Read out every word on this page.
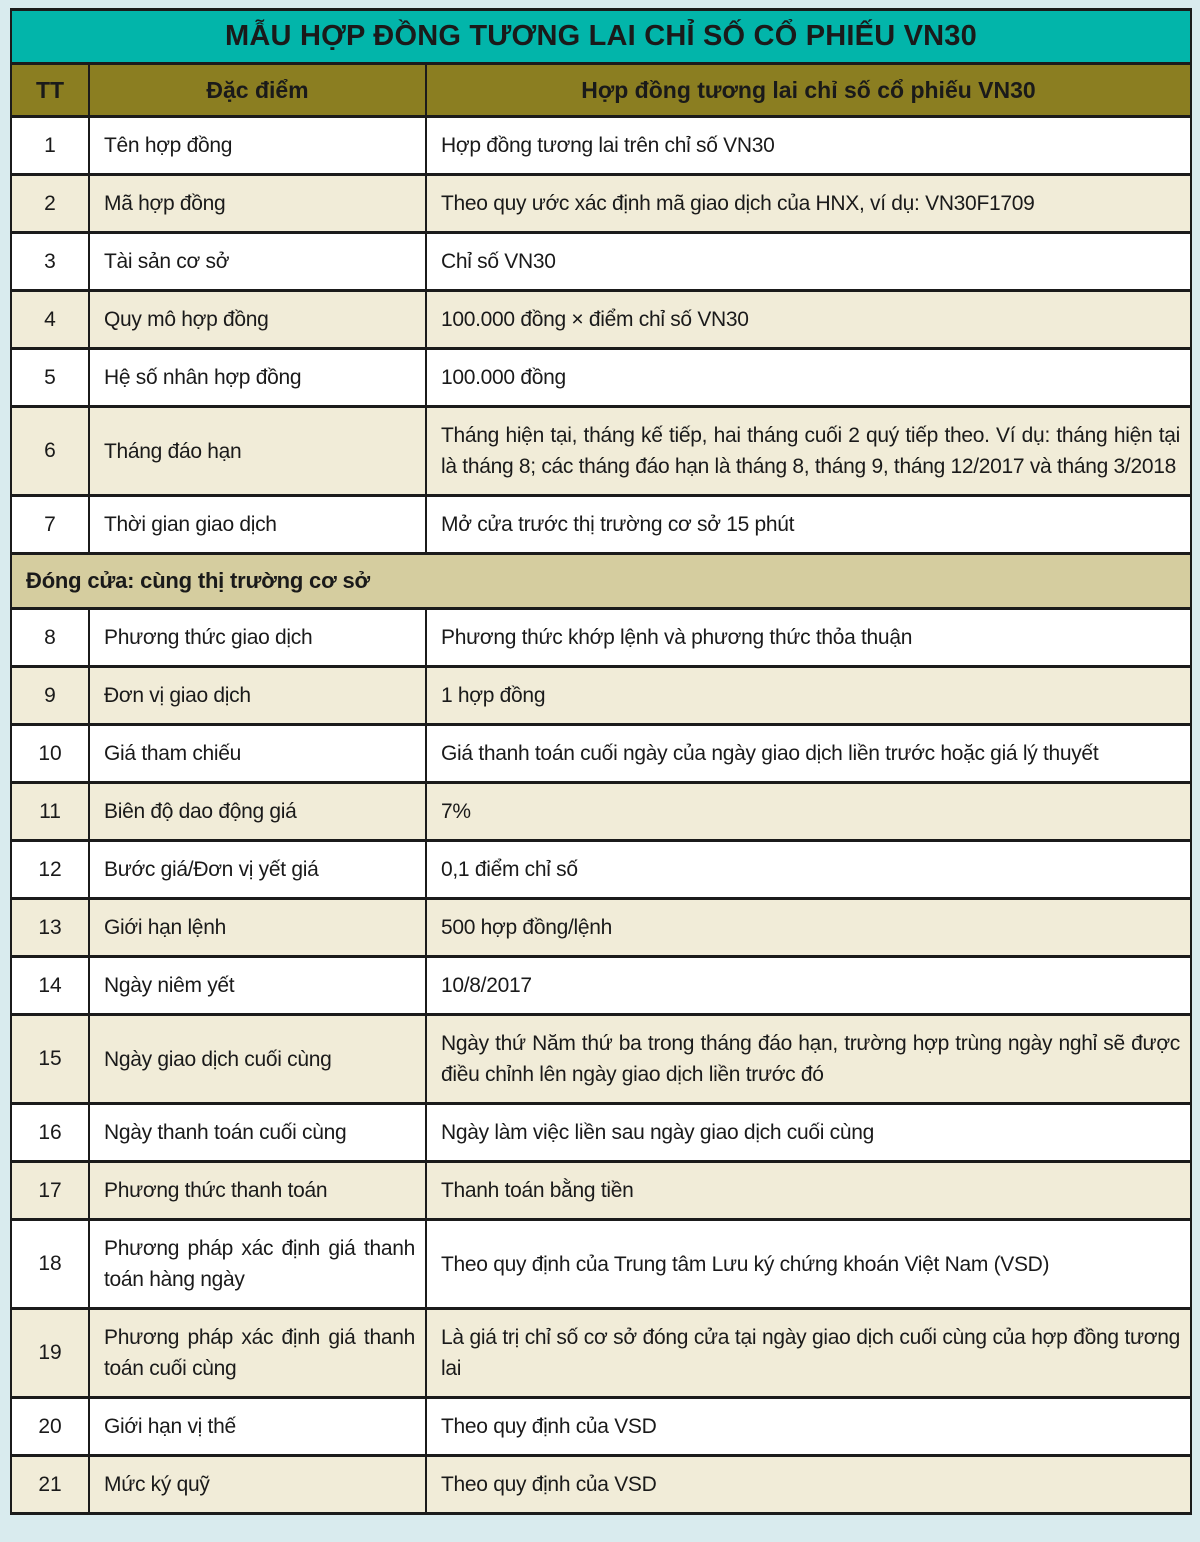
MẪU HỢP ĐỒNG TƯƠNG LAI CHỈ SỐ CỔ PHIẾU VN30		
TT	Đặc điểm	Hợp đồng tương lai chỉ số cổ phiếu VN30
1	Tên hợp đồng	Hợp đồng tương lai trên chỉ số VN30
2	Mã hợp đồng	Theo quy ước xác định mã giao dịch của HNX, ví dụ: VN30F1709
3	Tài sản cơ sở	Chỉ số VN30
4	Quy mô hợp đồng	100.000 đồng × điểm chỉ số VN30
5	Hệ số nhân hợp đồng	100.000 đồng
6	Tháng đáo hạn	Tháng hiện tại, tháng kế tiếp, hai tháng cuối 2 quý tiếp theo. Ví dụ: tháng hiện tại là tháng 8; các tháng đáo hạn là tháng 8, tháng 9, tháng 12/2017 và tháng 3/2018
7	Thời gian giao dịch	Mở cửa trước thị trường cơ sở 15 phút
Đóng cửa: cùng thị trường cơ sở		
8	Phương thức giao dịch	Phương thức khớp lệnh và phương thức thỏa thuận
9	Đơn vị giao dịch	1 hợp đồng
10	Giá tham chiếu	Giá thanh toán cuối ngày của ngày giao dịch liền trước hoặc giá lý thuyết
11	Biên độ dao động giá	7%
12	Bước giá/Đơn vị yết giá	0,1 điểm chỉ số
13	Giới hạn lệnh	500 hợp đồng/lệnh
14	Ngày niêm yết	10/8/2017
15	Ngày giao dịch cuối cùng	Ngày thứ Năm thứ ba trong tháng đáo hạn, trường hợp trùng ngày nghỉ sẽ được điều chỉnh lên ngày giao dịch liền trước đó
16	Ngày thanh toán cuối cùng	Ngày làm việc liền sau ngày giao dịch cuối cùng
17	Phương thức thanh toán	Thanh toán bằng tiền
18	Phương pháp xác định giá thanh toán hàng ngày	Theo quy định của Trung tâm Lưu ký chứng khoán Việt Nam (VSD)
19	Phương pháp xác định giá thanh toán cuối cùng	Là giá trị chỉ số cơ sở đóng cửa tại ngày giao dịch cuối cùng của hợp đồng tương lai
20	Giới hạn vị thế	Theo quy định của VSD
21	Mức ký quỹ	Theo quy định của VSD
